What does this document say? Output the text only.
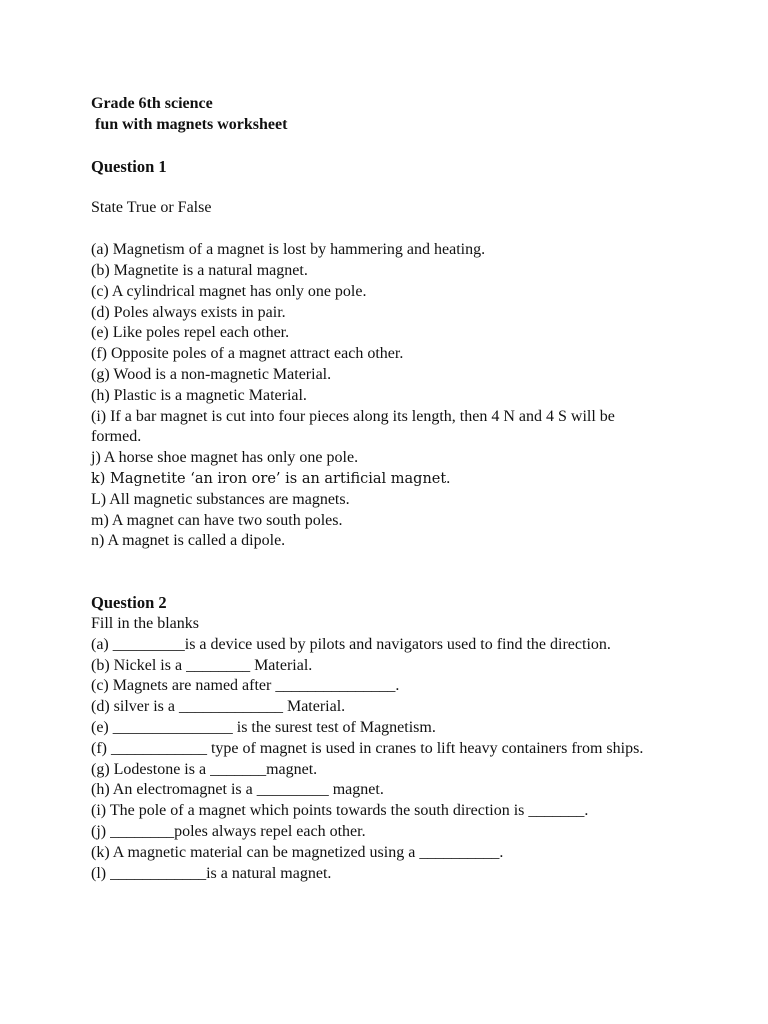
Grade 6th science
fun with magnets worksheet
Question 1
State True or False
(a) Magnetism of a magnet is lost by hammering and heating.
(b) Magnetite is a natural magnet.
(c) A cylindrical magnet has only one pole.
(d) Poles always exists in pair.
(e) Like poles repel each other.
(f) Opposite poles of a magnet attract each other.
(g) Wood is a non-magnetic Material.
(h) Plastic is a magnetic Material.
(i) If a bar magnet is cut into four pieces along its length, then 4 N and 4 S will be formed.
j) A horse shoe magnet has only one pole.
k) Magnetite ‘an iron ore’ is an artificial magnet.
L) All magnetic substances are magnets.
m) A magnet can have two south poles.
n) A magnet is called a dipole.
Question 2
Fill in the blanks
(a) _________is a device used by pilots and navigators used to find the direction.
(b) Nickel is a ________ Material.
(c) Magnets are named after _______________.
(d) silver is a _____________ Material.
(e) _______________ is the surest test of Magnetism.
(f) ____________ type of magnet is used in cranes to lift heavy containers from ships.
(g) Lodestone is a _______magnet.
(h) An electromagnet is a _________ magnet.
(i) The pole of a magnet which points towards the south direction is _______.
(j) ________poles always repel each other.
(k) A magnetic material can be magnetized using a __________.
(l) ____________is a natural magnet.
